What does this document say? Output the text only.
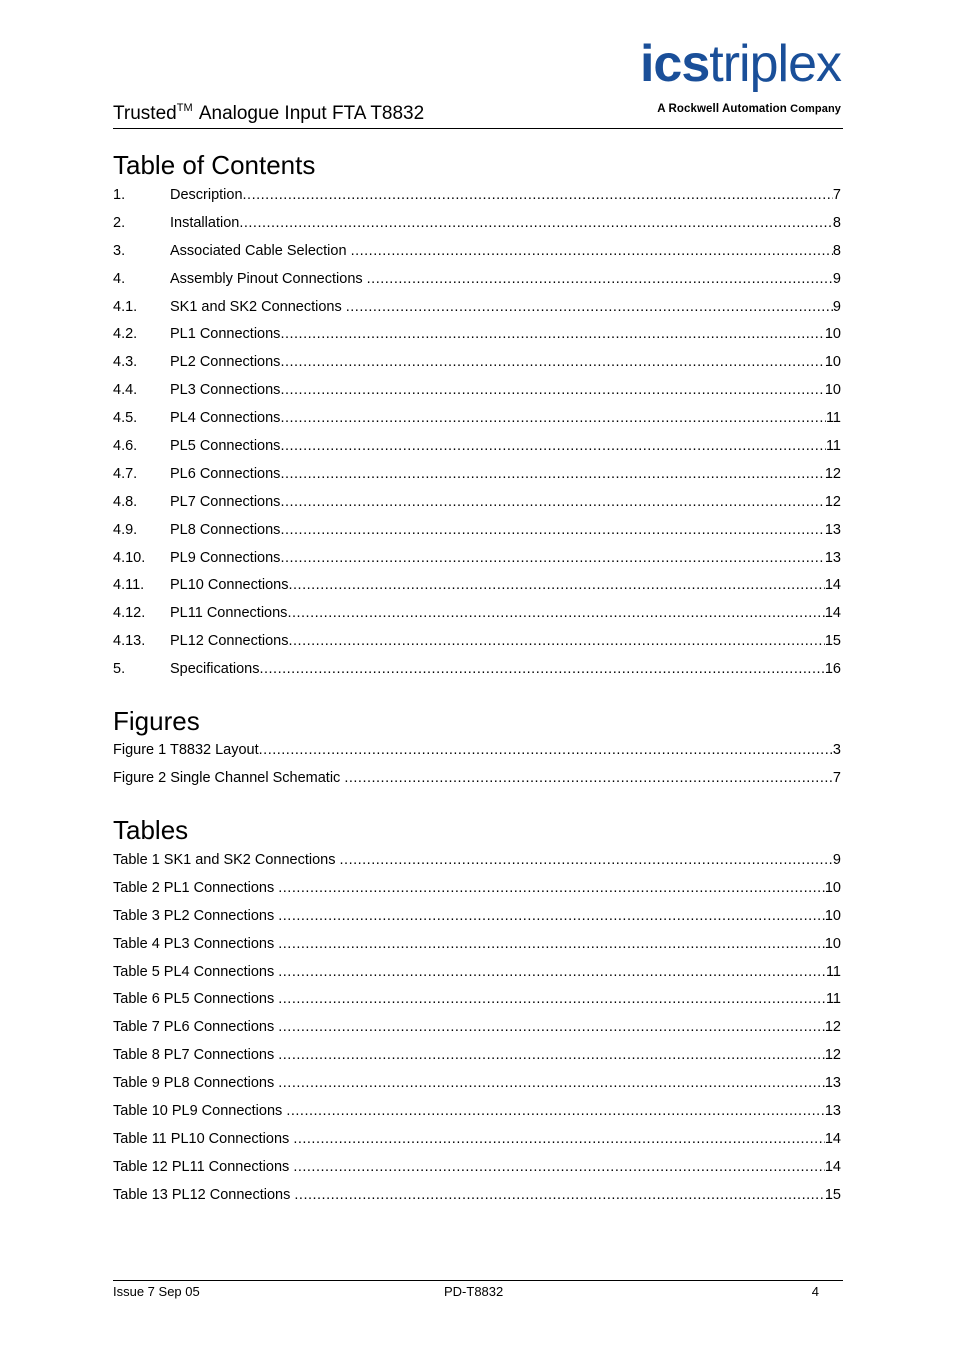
Trusted™ Analogue Input FTA T8832
icstriplex
A Rockwell Automation Company
Table of Contents
1.	Description .....	7
2.	Installation .....	8
3.	Associated Cable Selection .....	8
4.	Assembly Pinout Connections .....	9
4.1.	SK1 and SK2 Connections .....	9
4.2.	PL1 Connections .....	10
4.3.	PL2 Connections .....	10
4.4.	PL3 Connections .....	10
4.5.	PL4 Connections .....	11
4.6.	PL5 Connections .....	11
4.7.	PL6 Connections .....	12
4.8.	PL7 Connections .....	12
4.9.	PL8 Connections .....	13
4.10.	PL9 Connections .....	13
4.11.	PL10 Connections .....	14
4.12.	PL11 Connections .....	14
4.13.	PL12 Connections .....	15
5.	Specifications .....	16
Figures
Figure 1 T8832 Layout .....	3
Figure 2 Single Channel Schematic .....	7
Tables
Table 1 SK1 and SK2 Connections .....	9
Table 2 PL1 Connections .....	10
Table 3 PL2 Connections .....	10
Table 4 PL3 Connections .....	10
Table 5 PL4 Connections .....	11
Table 6 PL5 Connections .....	11
Table 7 PL6 Connections .....	12
Table 8 PL7 Connections .....	12
Table 9 PL8 Connections .....	13
Table 10 PL9 Connections .....	13
Table 11 PL10 Connections .....	14
Table 12 PL11 Connections .....	14
Table 13 PL12 Connections .....	15
Issue 7 Sep 05	PD-T8832	4
